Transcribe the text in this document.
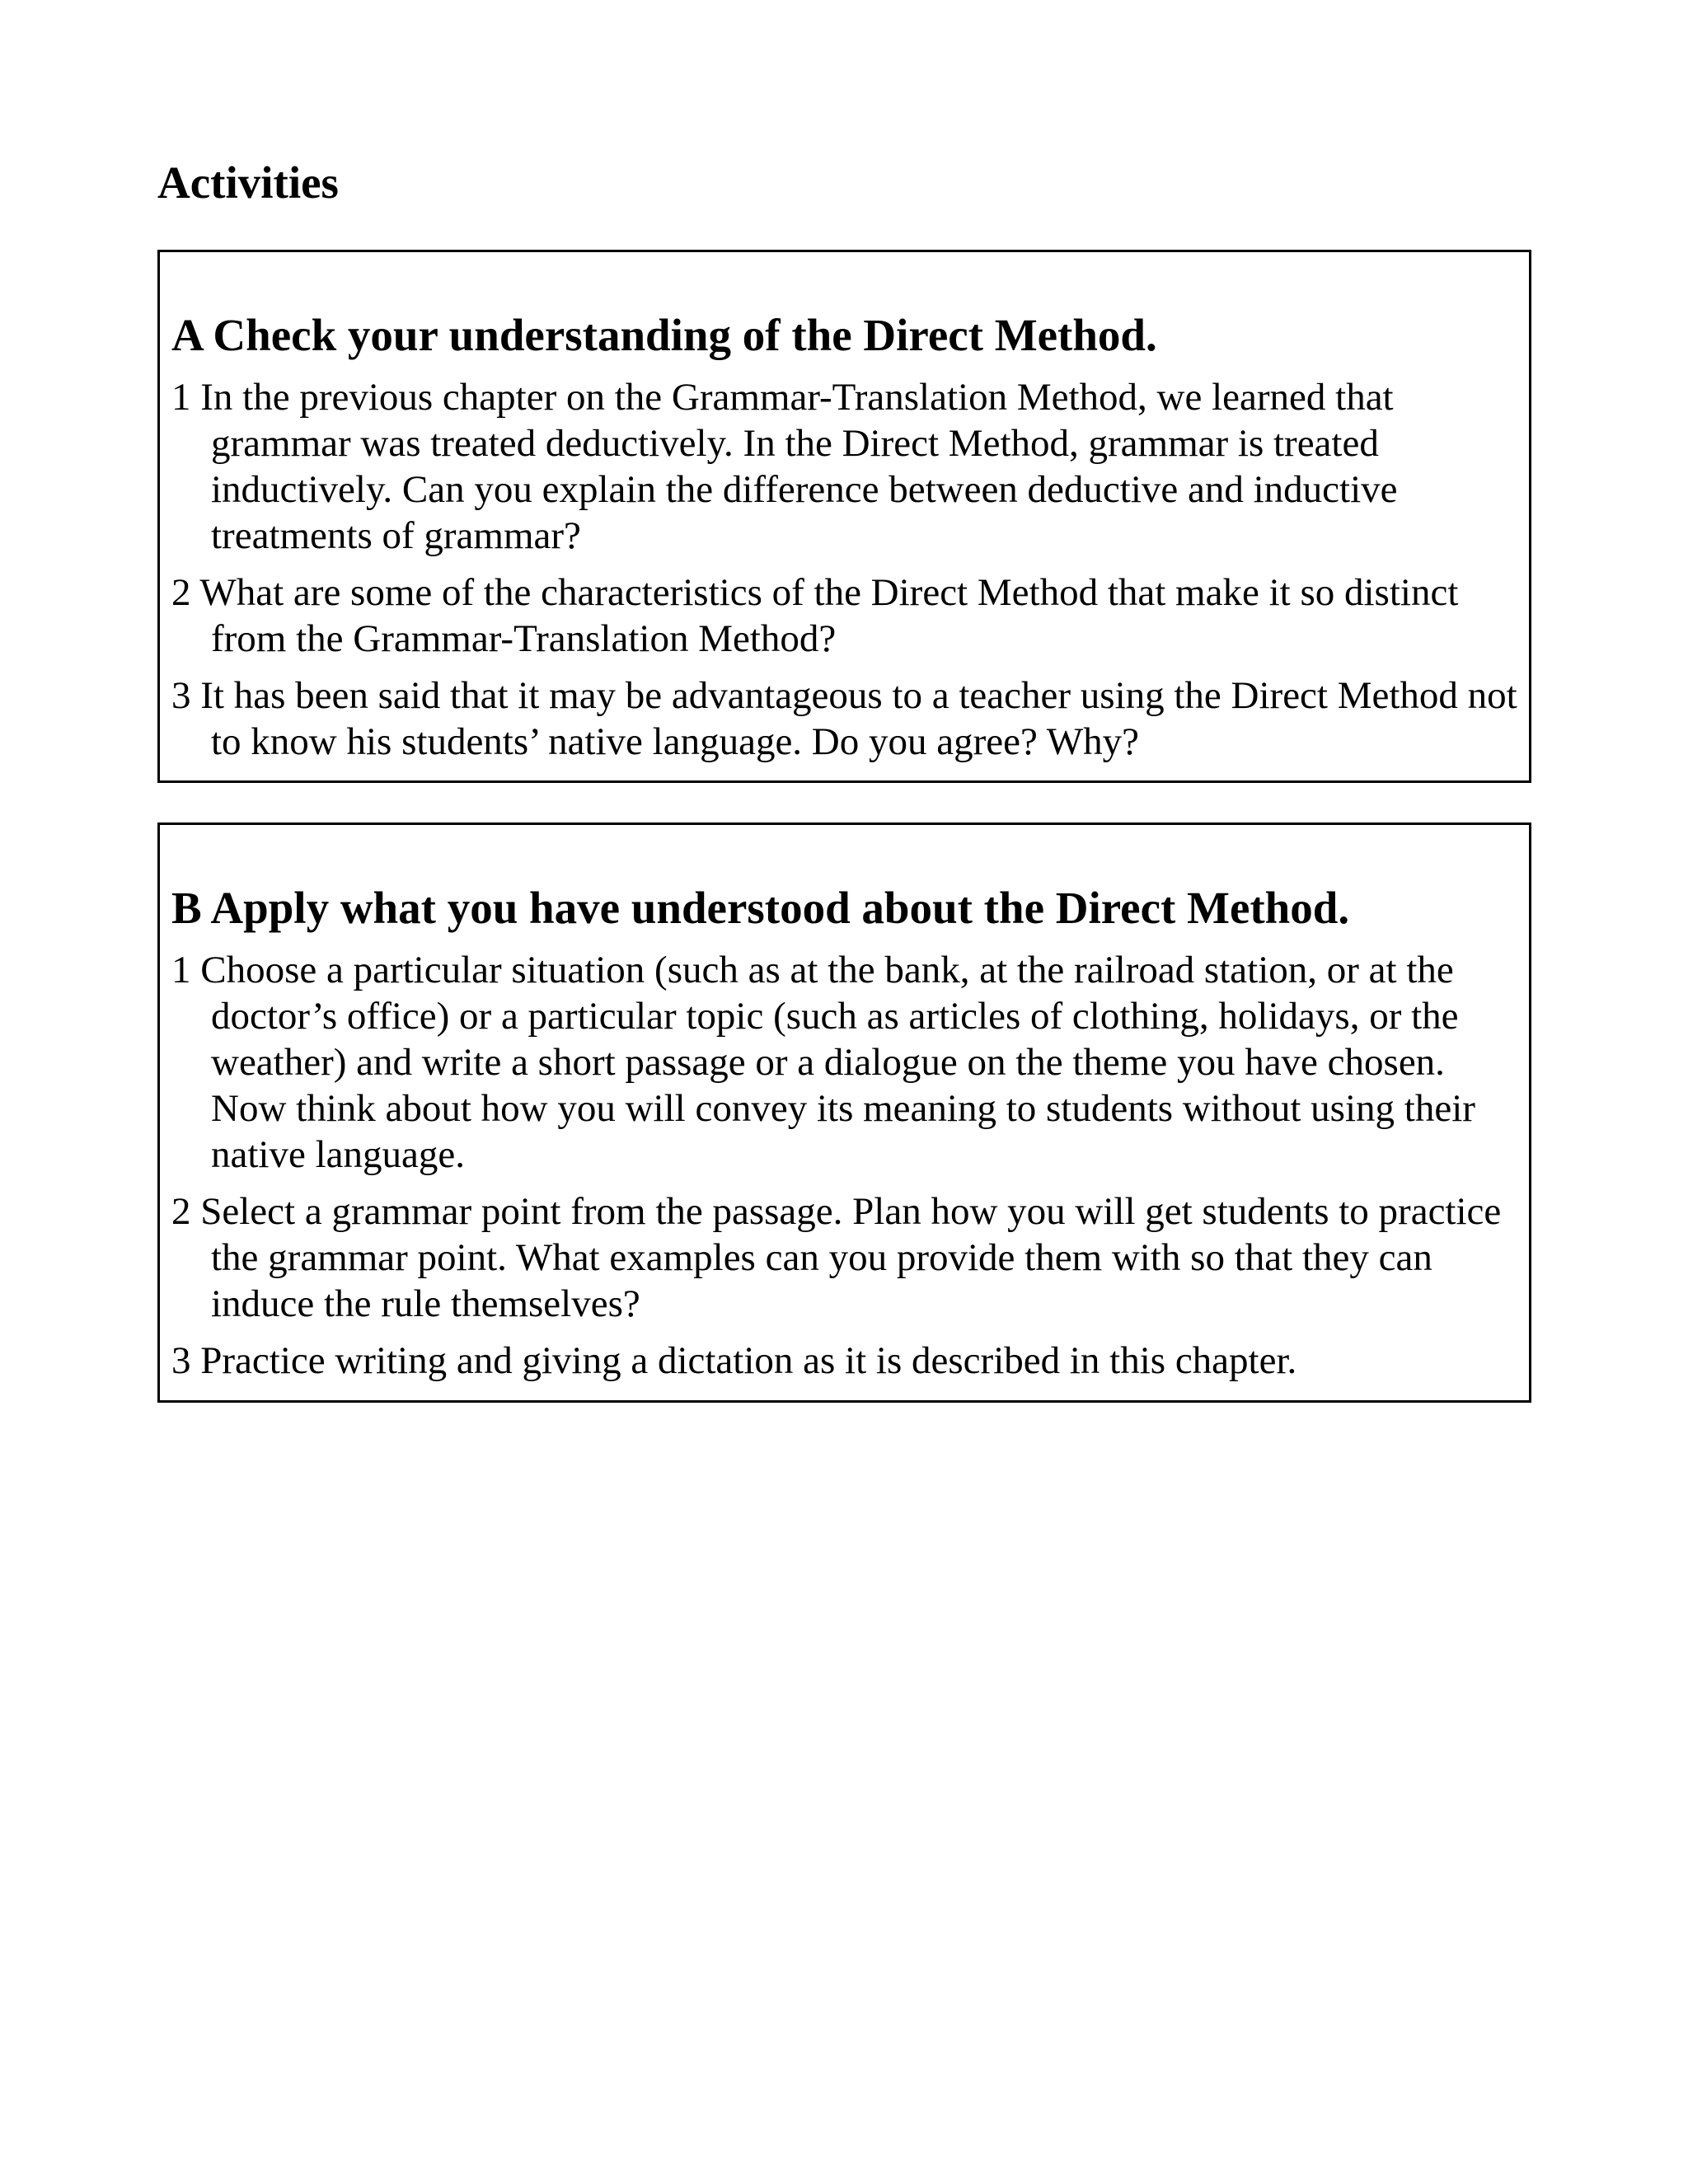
Activities
A Check your understanding of the Direct Method.
1 In the previous chapter on the Grammar-Translation Method, we learned that grammar was treated deductively. In the Direct Method, grammar is treated inductively. Can you explain the difference between deductive and inductive treatments of grammar?
2 What are some of the characteristics of the Direct Method that make it so distinct from the Grammar-Translation Method?
3 It has been said that it may be advantageous to a teacher using the Direct Method not to know his students’ native language. Do you agree? Why?
B Apply what you have understood about the Direct Method.
1 Choose a particular situation (such as at the bank, at the railroad station, or at the doctor’s office) or a particular topic (such as articles of clothing, holidays, or the weather) and write a short passage or a dialogue on the theme you have chosen. Now think about how you will convey its meaning to students without using their native language.
2 Select a grammar point from the passage. Plan how you will get students to practice the grammar point. What examples can you provide them with so that they can induce the rule themselves?
3 Practice writing and giving a dictation as it is described in this chapter.
